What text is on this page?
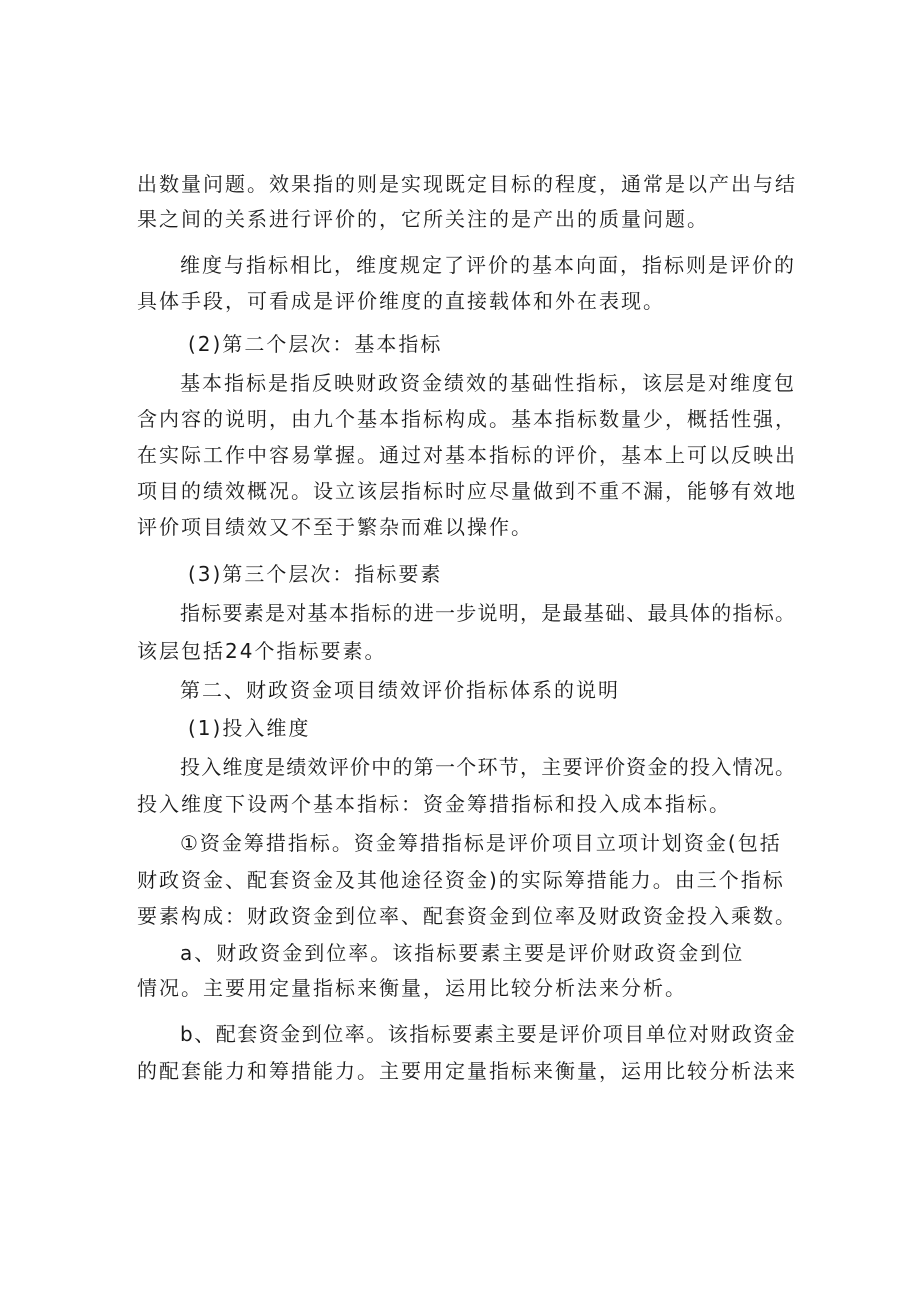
出数量问题。效果指的则是实现既定目标的程度，通常是以产出与结
果之间的关系进行评价的，它所关注的是产出的质量问题。
维度与指标相比，维度规定了评价的基本向面，指标则是评价的
具体手段，可看成是评价维度的直接载体和外在表现。
(2)第二个层次：基本指标
基本指标是指反映财政资金绩效的基础性指标，该层是对维度包
含内容的说明，由九个基本指标构成。基本指标数量少，概括性强，
在实际工作中容易掌握。通过对基本指标的评价，基本上可以反映出
项目的绩效概况。设立该层指标时应尽量做到不重不漏，能够有效地
评价项目绩效又不至于繁杂而难以操作。
(3)第三个层次：指标要素
指标要素是对基本指标的进一步说明，是最基础、最具体的指标。
该层包括24个指标要素。
第二、财政资金项目绩效评价指标体系的说明
(1)投入维度
投入维度是绩效评价中的第一个环节，主要评价资金的投入情况。
投入维度下设两个基本指标：资金筹措指标和投入成本指标。
①资金筹措指标。资金筹措指标是评价项目立项计划资金(包括
财政资金、配套资金及其他途径资金)的实际筹措能力。由三个指标
要素构成：财政资金到位率、配套资金到位率及财政资金投入乘数。
a、财政资金到位率。该指标要素主要是评价财政资金到位
情况。主要用定量指标来衡量，运用比较分析法来分析。
b、配套资金到位率。该指标要素主要是评价项目单位对财政资金
的配套能力和筹措能力。主要用定量指标来衡量，运用比较分析法来
